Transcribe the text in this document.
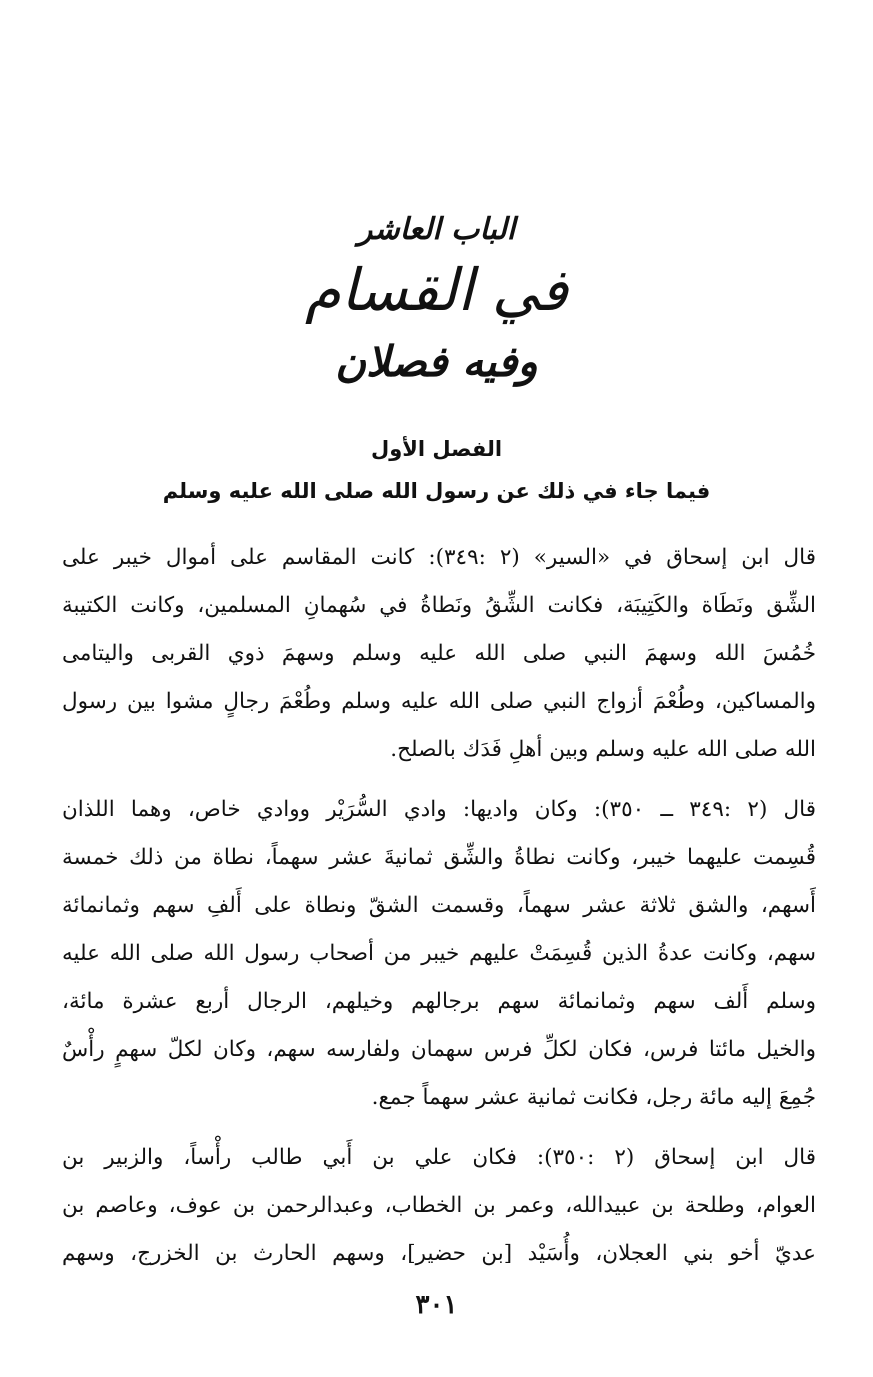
الباب العاشر
في القسام
وفيه فصلان
الفصل الأول
فيما جاء في ذلك عن رسول الله صلى الله عليه وسلم
قال ابن إسحاق في «السير» (٢ :٣٤٩): كانت المقاسم على أموال خيبر على
الشِّق ونَطَاة والكَتِيبَة، فكانت الشِّقُ ونَطاةُ في سُهمانِ المسلمين، وكانت الكتيبة
خُمُسَ الله وسهمَ النبي صلى الله عليه وسلم وسهمَ ذوي القربى واليتامى
والمساكين، وطُعْمَ أزواج النبي صلى الله عليه وسلم وطُعْمَ رجالٍ مشوا بين رسول
الله صلى الله عليه وسلم وبين أهلِ فَدَك بالصلح.
قال (٢ :٣٤٩ ــ ٣٥٠): وكان واديها: وادي السُّرَيْر ووادي خاص، وهما اللذان
قُسِمت عليهما خيبر، وكانت نطاةُ والشِّق ثمانيةَ عشر سهماً، نطاة من ذلك خمسة
أَسهم، والشق ثلاثة عشر سهماً، وقسمت الشقّ ونطاة على أَلفِ سهم وثمانمائة
سهم، وكانت عدةُ الذين قُسِمَتْ عليهم خيبر من أصحاب رسول الله صلى الله عليه
وسلم أَلف سهم وثمانمائة سهم برجالهم وخيلهم، الرجال أربع عشرة مائة،
والخيل مائتا فرس، فكان لكلِّ فرس سهمان ولفارسه سهم، وكان لكلّ سهمٍ رأْسٌ
جُمِعَ إليه مائة رجل، فكانت ثمانية عشر سهماً جمع.
قال ابن إسحاق (٢ :٣٥٠): فكان علي بن أَبي طالب رأْساً، والزبير بن
العوام، وطلحة بن عبيدالله، وعمر بن الخطاب، وعبدالرحمن بن عوف، وعاصم بن
عديّ أخو بني العجلان، وأُسَيْد [بن حضير]، وسهم الحارث بن الخزرج، وسهم
٣٠١
